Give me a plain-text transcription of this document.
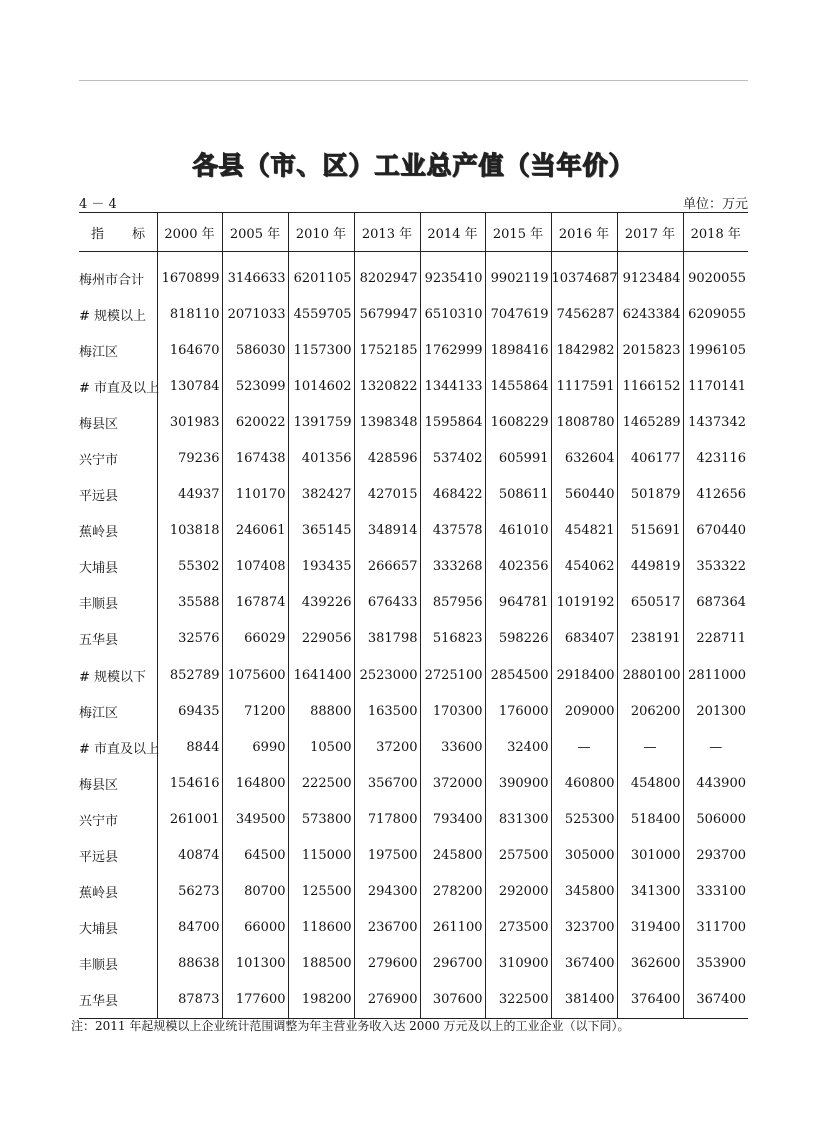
各县（市、区）工业总产值（当年价）
4 － 4	单位：万元
指 标	2000 年	2005 年	2010 年	2013 年	2014 年	2015 年	2016 年	2017 年	2018 年
梅州市合计	1670899	3146633	6201105	8202947	9235410	9902119	10374687	9123484	9020055
# 规模以上	818110	2071033	4559705	5679947	6510310	7047619	7456287	6243384	6209055
梅江区	164670	586030	1157300	1752185	1762999	1898416	1842982	2015823	1996105
# 市直及以上	130784	523099	1014602	1320822	1344133	1455864	1117591	1166152	1170141
梅县区	301983	620022	1391759	1398348	1595864	1608229	1808780	1465289	1437342
兴宁市	79236	167438	401356	428596	537402	605991	632604	406177	423116
平远县	44937	110170	382427	427015	468422	508611	560440	501879	412656
蕉岭县	103818	246061	365145	348914	437578	461010	454821	515691	670440
大埔县	55302	107408	193435	266657	333268	402356	454062	449819	353322
丰顺县	35588	167874	439226	676433	857956	964781	1019192	650517	687364
五华县	32576	66029	229056	381798	516823	598226	683407	238191	228711
# 规模以下	852789	1075600	1641400	2523000	2725100	2854500	2918400	2880100	2811000
梅江区	69435	71200	88800	163500	170300	176000	209000	206200	201300
# 市直及以上	8844	6990	10500	37200	33600	32400	—	—	—
梅县区	154616	164800	222500	356700	372000	390900	460800	454800	443900
兴宁市	261001	349500	573800	717800	793400	831300	525300	518400	506000
平远县	40874	64500	115000	197500	245800	257500	305000	301000	293700
蕉岭县	56273	80700	125500	294300	278200	292000	345800	341300	333100
大埔县	84700	66000	118600	236700	261100	273500	323700	319400	311700
丰顺县	88638	101300	188500	279600	296700	310900	367400	362600	353900
五华县	87873	177600	198200	276900	307600	322500	381400	376400	367400
注：2011 年起规模以上企业统计范围调整为年主营业务收入达 2000 万元及以上的工业企业（以下同）。
